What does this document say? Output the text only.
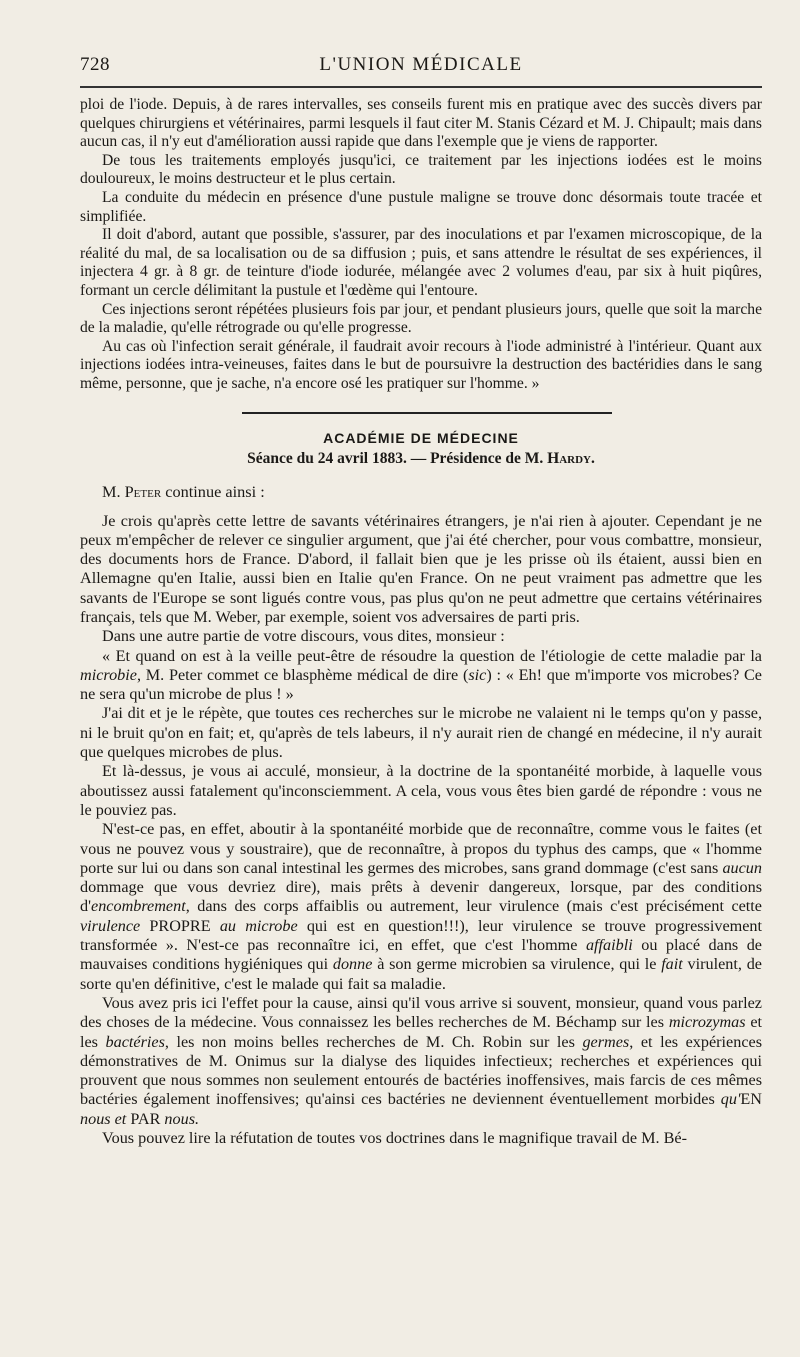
728	L'UNION MÉDICALE

ploi de l'iode. Depuis, à de rares intervalles, ses conseils furent mis en pratique avec des succès divers par quelques chirurgiens et vétérinaires, parmi lesquels il faut citer M. Stanis Cézard et M. J. Chipault; mais dans aucun cas, il n'y eut d'amélioration aussi rapide que dans l'exemple que je viens de rapporter.

De tous les traitements employés jusqu'ici, ce traitement par les injections iodées est le moins douloureux, le moins destructeur et le plus certain.

La conduite du médecin en présence d'une pustule maligne se trouve donc désormais toute tracée et simplifiée.

Il doit d'abord, autant que possible, s'assurer, par des inoculations et par l'examen microscopique, de la réalité du mal, de sa localisation ou de sa diffusion ; puis, et sans attendre le résultat de ses expériences, il injectera 4 gr. à 8 gr. de teinture d'iode iodurée, mélangée avec 2 volumes d'eau, par six à huit piqûres, formant un cercle délimitant la pustule et l'œdème qui l'entoure.

Ces injections seront répétées plusieurs fois par jour, et pendant plusieurs jours, quelle que soit la marche de la maladie, qu'elle rétrograde ou qu'elle progresse.

Au cas où l'infection serait générale, il faudrait avoir recours à l'iode administré à l'intérieur. Quant aux injections iodées intra-veineuses, faites dans le but de poursuivre la destruction des bactéridies dans le sang même, personne, que je sache, n'a encore osé les pratiquer sur l'homme. »

ACADÉMIE DE MÉDECINE
Séance du 24 avril 1883. — Présidence de M. Hardy.
M. Peter continue ainsi :

Je crois qu'après cette lettre de savants vétérinaires étrangers, je n'ai rien à ajouter. Cependant je ne peux m'empêcher de relever ce singulier argument, que j'ai été chercher, pour vous combattre, monsieur, des documents hors de France. D'abord, il fallait bien que je les prisse où ils étaient, aussi bien en Allemagne qu'en Italie, aussi bien en Italie qu'en France. On ne peut vraiment pas admettre que les savants de l'Europe se sont ligués contre vous, pas plus qu'on ne peut admettre que certains vétérinaires français, tels que M. Weber, par exemple, soient vos adversaires de parti pris.

Dans une autre partie de votre discours, vous dites, monsieur :

« Et quand on est à la veille peut-être de résoudre la question de l'étiologie de cette maladie par la microbie, M. Peter commet ce blasphème médical de dire (sic) : « Eh! que m'importe vos microbes? Ce ne sera qu'un microbe de plus ! »

J'ai dit et je le répète, que toutes ces recherches sur le microbe ne valaient ni le temps qu'on y passe, ni le bruit qu'on en fait; et, qu'après de tels labeurs, il n'y aurait rien de changé en médecine, il n'y aurait que quelques microbes de plus.

Et là-dessus, je vous ai acculé, monsieur, à la doctrine de la spontanéité morbide, à laquelle vous aboutissez aussi fatalement qu'inconsciemment. A cela, vous vous êtes bien gardé de répondre : vous ne le pouviez pas.

N'est-ce pas, en effet, aboutir à la spontanéité morbide que de reconnaître, comme vous le faites (et vous ne pouvez vous y soustraire), que de reconnaître, à propos du typhus des camps, que « l'homme porte sur lui ou dans son canal intestinal les germes des microbes, sans grand dommage (c'est sans aucun dommage que vous devriez dire), mais prêts à devenir dangereux, lorsque, par des conditions d'encombrement, dans des corps affaiblis ou autrement, leur virulence (mais c'est précisément cette virulence PROPRE au microbe qui est en question!!!), leur virulence se trouve progressivement transformée ». N'est-ce pas reconnaître ici, en effet, que c'est l'homme affaibli ou placé dans de mauvaises conditions hygiéniques qui donne à son germe microbien sa virulence, qui le fait virulent, de sorte qu'en définitive, c'est le malade qui fait sa maladie.

Vous avez pris ici l'effet pour la cause, ainsi qu'il vous arrive si souvent, monsieur, quand vous parlez des choses de la médecine. Vous connaissez les belles recherches de M. Béchamp sur les microzymas et les bactéries, les non moins belles recherches de M. Ch. Robin sur les germes, et les expériences démonstratives de M. Onimus sur la dialyse des liquides infectieux; recherches et expériences qui prouvent que nous sommes non seulement entourés de bactéries inoffensives, mais farcis de ces mêmes bactéries également inoffensives; qu'ainsi ces bactéries ne deviennent éventuellement morbides qu'EN nous et PAR nous.

Vous pouvez lire la réfutation de toutes vos doctrines dans le magnifique travail de M. Bé-
